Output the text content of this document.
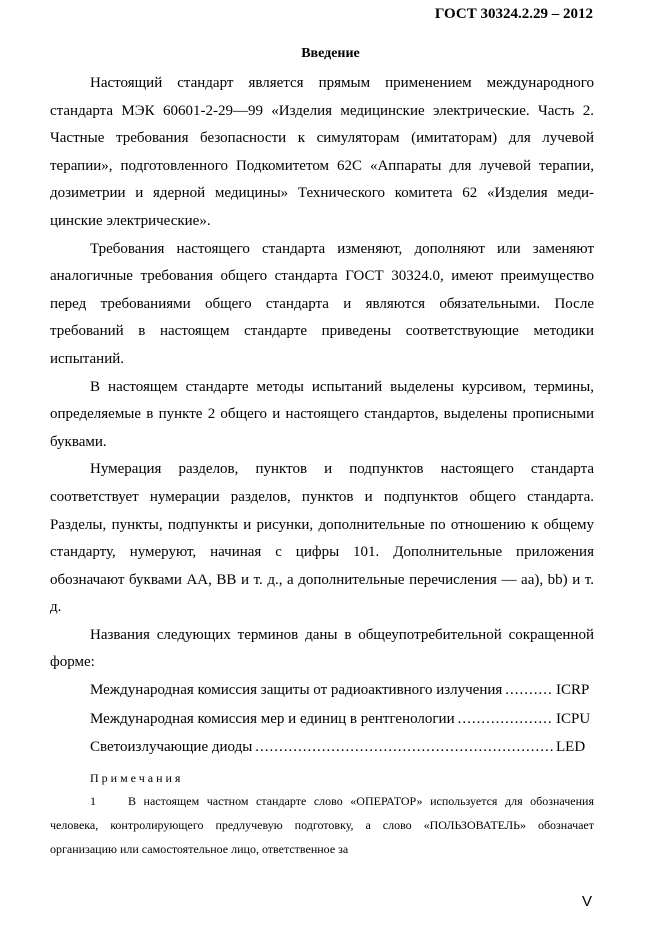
ГОСТ 30324.2.29 – 2012
Введение

Настоящий стандарт является прямым применением международного стандарта МЭК 60601-2-29—99 «Изделия медицинские электрические. Часть 2. Частные требования безопасности к симуляторам (имитаторам) для лучевой терапии», подготовленного Подкомитетом 62С «Аппараты для лучевой терапии, дозиметрии и ядерной медицины» Технического комитета 62 «Изделия меди-цинские электрические».

Требования настоящего стандарта изменяют, дополняют или заменяют аналогичные требования общего стандарта ГОСТ 30324.0, имеют преимущество перед требованиями общего стандарта и являются обязательными. После требований в настоящем стандарте приведены соответствующие методики испытаний.

В настоящем стандарте методы испытаний выделены курсивом, термины, определяемые в пункте 2 общего и настоящего стандартов, выделены прописными буквами.

Нумерация разделов, пунктов и подпунктов настоящего стандарта соответствует нумерации разделов, пунктов и подпунктов общего стандарта. Разделы, пункты, подпункты и рисунки, дополнительные по отношению к общему стандарту, нумеруют, начиная с цифры 101. Дополнительные приложения обозначают буквами АА, ВВ и т. д., а дополнительные перечисления — аа), bb) и т. д.

Названия следующих терминов даны в общеупотребительной сокращенной форме:

Международная комиссия защиты от радиоактивного излучения .....	ICRP
Международная комиссия мер и единиц в рентгенологии .....	ICPU
Светоизлучающие диоды .....	LED
Примечания

1	В настоящем частном стандарте слово «ОПЕРАТОР» используется для обозначения человека, контролирующего предлучевую подготовку, а слово «ПОЛЬЗОВАТЕЛЬ» обозначает организацию или самостоятельное лицо, ответственное за

V
